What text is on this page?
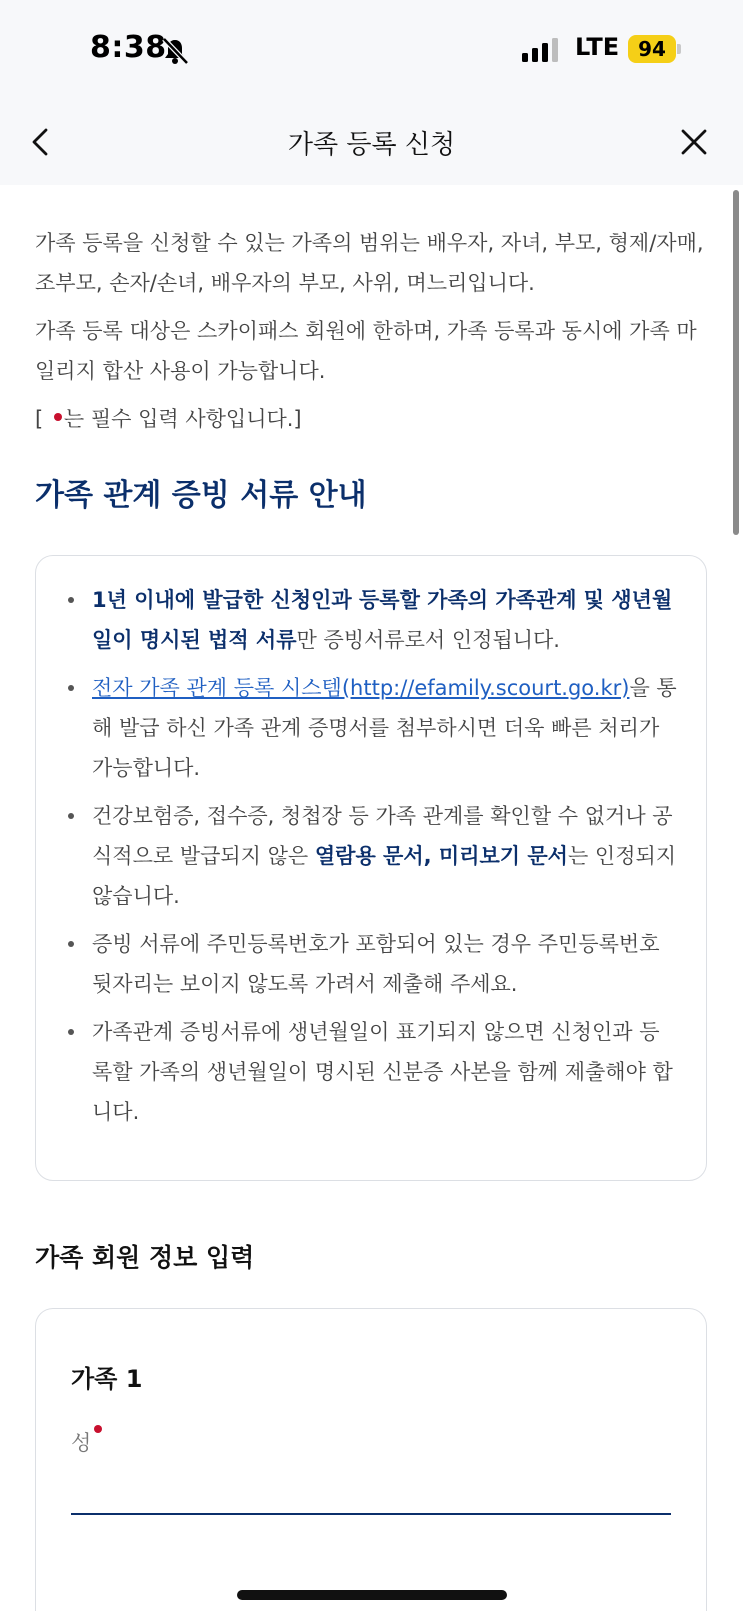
8:38	LTE 94
가족 등록 신청

가족 등록을 신청할 수 있는 가족의 범위는 배우자, 자녀, 부모, 형제/자매, 조부모, 손자/손녀, 배우자의 부모, 사위, 며느리입니다.

가족 등록 대상은 스카이패스 회원에 한하며, 가족 등록과 동시에 가족 마일리지 합산 사용이 가능합니다.

[ 는 필수 입력 사항입니다.]

가족 관계 증빙 서류 안내
1년 이내에 발급한 신청인과 등록할 가족의 가족관계 및 생년월일이 명시된 법적 서류만 증빙서류로서 인정됩니다.
전자 가족 관계 등록 시스템(http://efamily.scourt.go.kr)을 통해 발급 하신 가족 관계 증명서를 첨부하시면 더욱 빠른 처리가 가능합니다.
건강보험증, 접수증, 청첩장 등 가족 관계를 확인할 수 없거나 공식적으로 발급되지 않은 열람용 문서, 미리보기 문서는 인정되지 않습니다.
증빙 서류에 주민등록번호가 포함되어 있는 경우 주민등록번호 뒷자리는 보이지 않도록 가려서 제출해 주세요.
가족관계 증빙서류에 생년월일이 표기되지 않으면 신청인과 등록할 가족의 생년월일이 명시된 신분증 사본을 함께 제출해야 합니다.
가족 회원 정보 입력
가족 1
성
